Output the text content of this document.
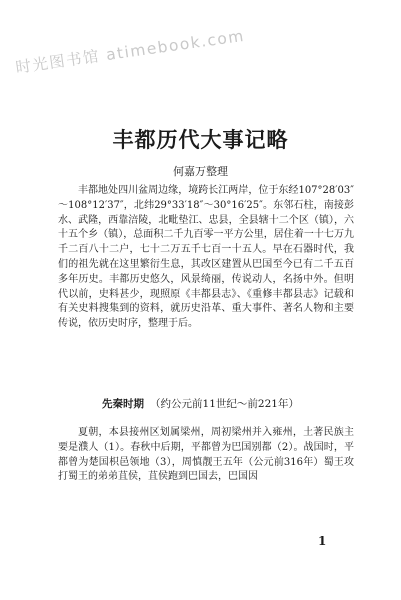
时光图书馆 atimebook.com
丰都历代大事记略

何嘉万整理

丰都地处四川盆周边缘，境跨长江两岸，位于东经107°28′03″～108°12′37″，北纬29°33′18″～30°16′25″。东邻石柱，南接彭水、武隆，西靠涪陵，北毗垫江、忠县，全县辖十二个区（镇），六十五个乡（镇），总面积二千九百零一平方公里，居住着一十七万九千二百八十二户，七十二万五千七百一十五人。早在石器时代，我们的祖先就在这里繁衍生息，其改区建置从巴国至今已有二千五百多年历史。丰都历史悠久，风景绮丽，传说动人，名扬中外。但明代以前，史料甚少，现照原《丰都县志》、《重修丰都县志》记载和有关史料搜集到的资料，就历史沿革、重大事件、著名人物和主要传说，依历史时序，整理于后。

先秦时期 （约公元前11世纪～前221年）

夏朝，本县接州区划属梁州，周初梁州并入雍州，土著民族主要是濮人（1）。春秋中后期，平都曾为巴国别都（2）。战国时，平都曾为楚国枳邑领地（3），周慎靓王五年（公元前316年）蜀王攻打蜀王的弟弟苴侯，苴侯跑到巴国去，巴国因

1
